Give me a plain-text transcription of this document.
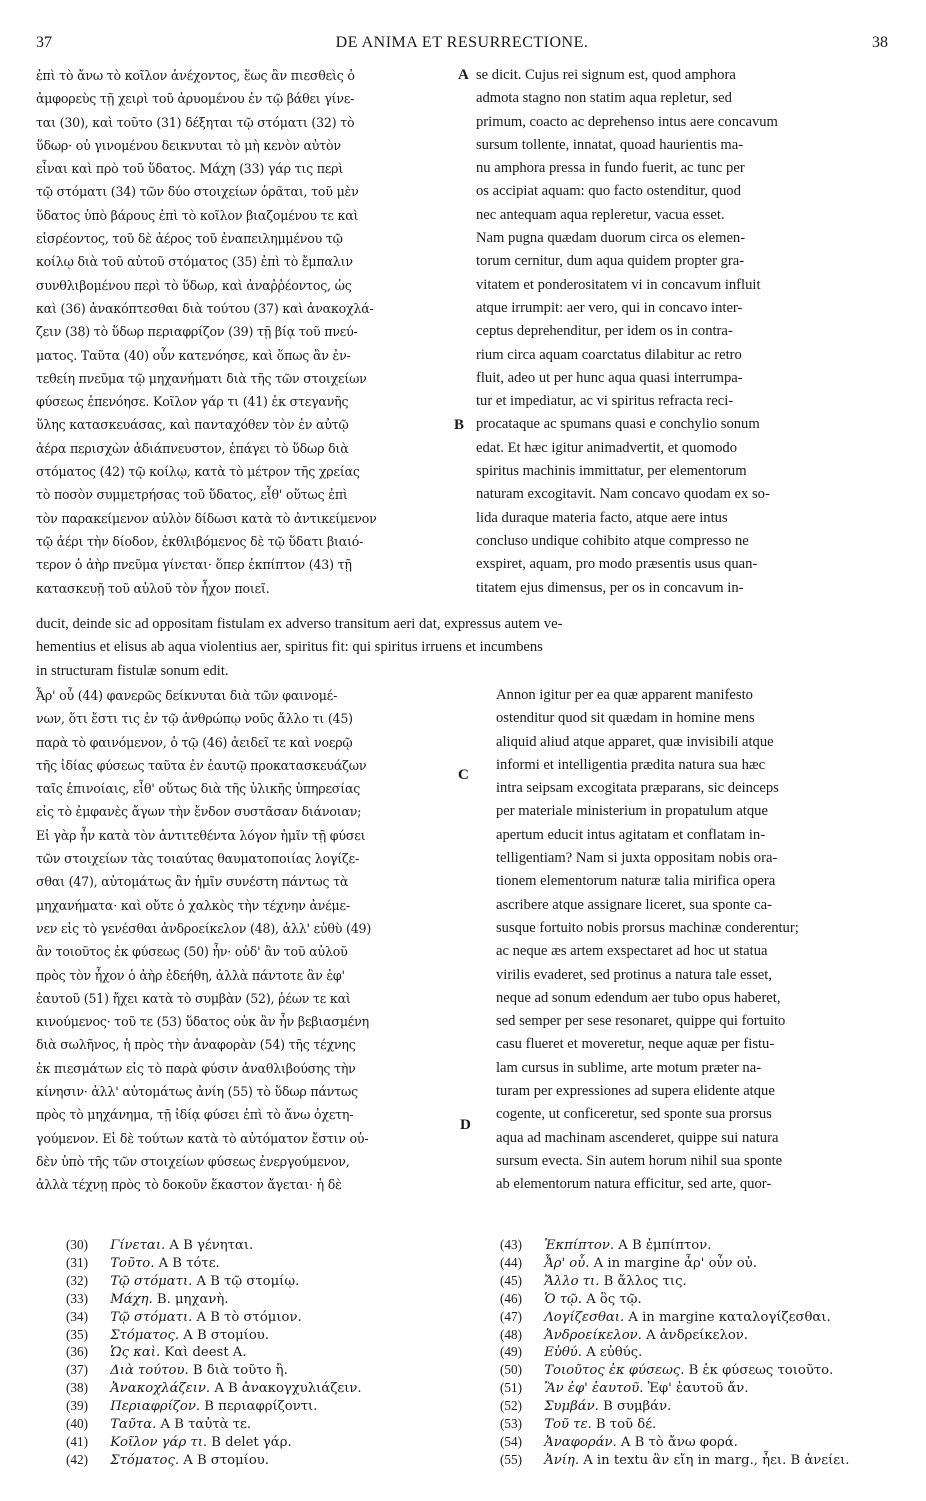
37	DE ANIMA ET RESURRECTIONE.	38
ἐπὶ τὸ ἄνω τὸ κοῖλον ἀνέχοντος, ἕως ἂν πιεσθεὶς ὁ
ἀμφορεὺς τῇ χειρὶ τοῦ ἀρυομένου ἐν τῷ βάθει γίνε-
ται (30), καὶ τοῦτο (31) δέξηται τῷ στόματι (32) τὸ
ὕδωρ· οὐ γινομένου δεικνυται τὸ μὴ κενὸν αὐτὸν
εἶναι καὶ πρὸ τοῦ ὕδατος. Μάχη (33) γάρ τις περὶ
τῷ στόματι (34) τῶν δύο στοιχείων ὁρᾶται, τοῦ μὲν
ὕδατος ὑπὸ βάρους ἐπὶ τὸ κοῖλον βιαζομένου τε καὶ
εἰσρέοντος, τοῦ δὲ ἀέρος τοῦ ἐναπειλημμένου τῷ
κοίλῳ διὰ τοῦ αὐτοῦ στόματος (35) ἐπὶ τὸ ἔμπαλιν
συνθλιβομένου περὶ τὸ ὕδωρ, καὶ ἀναῤῥέοντος, ὡς
καὶ (36) ἀνακόπτεσθαι διὰ τούτου (37) καὶ ἀνακοχλά-
ζειν (38) τὸ ὕδωρ περιαφρίζον (39) τῇ βίᾳ τοῦ πνεύ-
ματος. Ταῦτα (40) οὖν κατενόησε, καὶ ὅπως ἂν ἐν-
τεθείη πνεῦμα τῷ μηχανήματι διὰ τῆς τῶν στοιχείων
φύσεως ἐπενόησε. Κοῖλον γάρ τι (41) ἐκ στεγανῆς
ὕλης κατασκευάσας, καὶ πανταχόθεν τὸν ἐν αὐτῷ
ἀέρα περισχὼν ἀδιάπνευστον, ἐπάγει τὸ ὕδωρ διὰ
στόματος (42) τῷ κοίλῳ, κατὰ τὸ μέτρον τῆς χρείας
τὸ ποσὸν συμμετρήσας τοῦ ὕδατος, εἶθ' οὕτως ἐπὶ
τὸν παρακείμενον αὐλὸν δίδωσι κατὰ τὸ ἀντικείμενον
τῷ ἀέρι τὴν δίοδον, ἐκθλιβόμενος δὲ τῷ ὕδατι βιαιό-
τερον ὁ ἀὴρ πνεῦμα γίνεται· ὅπερ ἐκπίπτον (43) τῇ
κατασκευῇ τοῦ αὐλοῦ τὸν ἦχον ποιεῖ.
se dicit. Cujus rei signum est, quod amphora
admota stagno non statim aqua repletur, sed
primum, coacto ac deprehenso intus aere concavum
sursum tollente, innatat, quoad haurientis ma-
nu amphora pressa in fundo fuerit, ac tunc per
os accipiat aquam: quo facto ostenditur, quod
nec antequam aqua repleretur, vacua esset.
Nam pugna quædam duorum circa os elemen-
torum cernitur, dum aqua quidem propter gra-
vitatem et ponderositatem vi in concavum influit
atque irrumpit: aer vero, qui in concavo inter-
ceptus deprehenditur, per idem os in contra-
rium circa aquam coarctatus dilabitur ac retro
fluit, adeo ut per hunc aqua quasi interrumpa-
tur et impediatur, ac vi spiritus refracta reci-
procataque ac spumans quasi e conchylio sonum
edat. Et hæc igitur animadvertit, et quomodo
spiritus machinis immittatur, per elementorum
naturam excogitavit. Nam concavo quodam ex so-
lida duraque materia facto, atque aere intus
concluso undique cohibito atque compresso ne
exspiret, aquam, pro modo præsentis usus quan-
titatem ejus dimensus, per os in concavum in-
A
B
C
D
ducit, deinde sic ad oppositam fistulam ex adverso transitum aeri dat, expressus autem ve-
hementius et elisus ab aqua violentius aer, spiritus fit: qui spiritus irruens et incumbens
in structuram fistulæ sonum edit.
Ἆρ' οὖ (44) φανερῶς δείκνυται διὰ τῶν φαινομέ-
νων, ὅτι ἔστι τις ἐν τῷ ἀνθρώπῳ νοῦς ἄλλο τι (45)
παρὰ τὸ φαινόμενον, ὁ τῷ (46) ἀειδεῖ τε καὶ νοερῷ
τῆς ἰδίας φύσεως ταῦτα ἐν ἑαυτῷ προκατασκευάζων
ταῖς ἐπινοίαις, εἶθ' οὕτως διὰ τῆς ὑλικῆς ὑπηρεσίας
εἰς τὸ ἐμφανὲς ἄγων τὴν ἔνδον συστᾶσαν διάνοιαν;
Εἰ γὰρ ἦν κατὰ τὸν ἀντιτεθέντα λόγον ἡμῖν τῇ φύσει
τῶν στοιχείων τὰς τοιαύτας θαυματοποιίας λογίζε-
σθαι (47), αὐτομάτως ἂν ἡμῖν συνέστη πάντως τὰ
μηχανήματα· καὶ οὔτε ὁ χαλκὸς τὴν τέχνην ἀνέμε-
νεν εἰς τὸ γενέσθαι ἀνδροείκελον (48), ἀλλ' εὐθὺ (49)
ἂν τοιοῦτος ἐκ φύσεως (50) ἦν· οὐδ' ἂν τοῦ αὐλοῦ
πρὸς τὸν ἦχον ὁ ἀὴρ ἐδεήθη, ἀλλὰ πάντοτε ἂν ἐφ'
ἑαυτοῦ (51) ἤχει κατὰ τὸ συμβὰν (52), ῥέων τε καὶ
κινούμενος· τοῦ τε (53) ὕδατος οὐκ ἂν ἦν βεβιασμένη
διὰ σωλῆνος, ἡ πρὸς τὴν ἀναφορὰν (54) τῆς τέχνης
ἐκ πιεσμάτων εἰς τὸ παρὰ φύσιν ἀναθλιβούσης τὴν
κίνησιν· ἀλλ' αὐτομάτως ἀνίη (55) τὸ ὕδωρ πάντως
πρὸς τὸ μηχάνημα, τῇ ἰδίᾳ φύσει ἐπὶ τὸ ἄνω ὀχετη-
γούμενον. Εἰ δὲ τούτων κατὰ τὸ αὐτόματον ἔστιν οὐ-
δὲν ὑπὸ τῆς τῶν στοιχείων φύσεως ἐνεργούμενον,
ἀλλὰ τέχνῃ πρὸς τὸ δοκοῦν ἕκαστον ἄγεται· ἡ δὲ
Annon igitur per ea quæ apparent manifesto
ostenditur quod sit quædam in homine mens
aliquid aliud atque apparet, quæ invisibili atque
informi et intelligentia prædita natura sua hæc
intra seipsam excogitata præparans, sic deinceps
per materiale ministerium in propatulum atque
apertum educit intus agitatam et conflatam in-
telligentiam? Nam si juxta oppositam nobis ora-
tionem elementorum naturæ talia mirifica opera
ascribere atque assignare liceret, sua sponte ca-
susque fortuito nobis prorsus machinæ conderentur;
ac neque æs artem exspectaret ad hoc ut statua
virilis evaderet, sed protinus a natura tale esset,
neque ad sonum edendum aer tubo opus haberet,
sed semper per sese resonaret, quippe qui fortuito
casu flueret et moveretur, neque aquæ per fistu-
lam cursus in sublime, arte motum præter na-
turam per expressiones ad supera elidente atque
cogente, ut conficeretur, sed sponte sua prorsus
aqua ad machinam ascenderet, quippe sui natura
sursum evecta. Sin autem horum nihil sua sponte
ab elementorum natura efficitur, sed arte, quor-
(30) Γίνεται. A B γένηται.
(31) Τοῦτο. A B τότε.
(32) Τῷ στόματι. A B τῷ στομίῳ.
(33) Μάχη. B. μηχανὴ.
(34) Τῷ στόματι. A B τὸ στόμιον.
(35) Στόματος. A B στομίου.
(36) Ὡς καὶ. Καὶ deest A.
(37) Διὰ τούτου. B διὰ τοῦτο ἢ.
(38) Ἀνακοχλάζειν. A B ἀνακογχυλιάζειν.
(39) Περιαφρίζον. B περιαφρίζοντι.
(40) Ταῦτα. A B ταὐτὰ τε.
(41) Κοῖλον γάρ τι. B delet γάρ.
(42) Στόματος. A B στομίου.
(43) Ἐκπίπτον. A B ἐμπίπτον.
(44) Ἆρ' οὖ. A in margine ἆρ' οὖν οὐ.
(45) Ἄλλο τι. B ἄλλος τις.
(46) Ὁ τῷ. A ὃς τῷ.
(47) Λογίζεσθαι. A in margine καταλογίζεσθαι.
(48) Ἀνδροείκελον. A ἀνδρείκελον.
(49) Εὐθύ. A εὐθύς.
(50) Τοιοῦτος ἐκ φύσεως. B ἐκ φύσεως τοιοῦτο.
(51) Ἂν ἐφ' ἑαυτοῦ. Ἐφ' ἑαυτοῦ ἄν.
(52) Συμβάν. B συμβάν.
(53) Τοῦ τε. B τοῦ δέ.
(54) Ἀναφοράν. A B τὸ ἄνω φορά.
(55) Ἀνίη. A in textu ἂν εἴη in marg., ἧει. B ἀνείει.
